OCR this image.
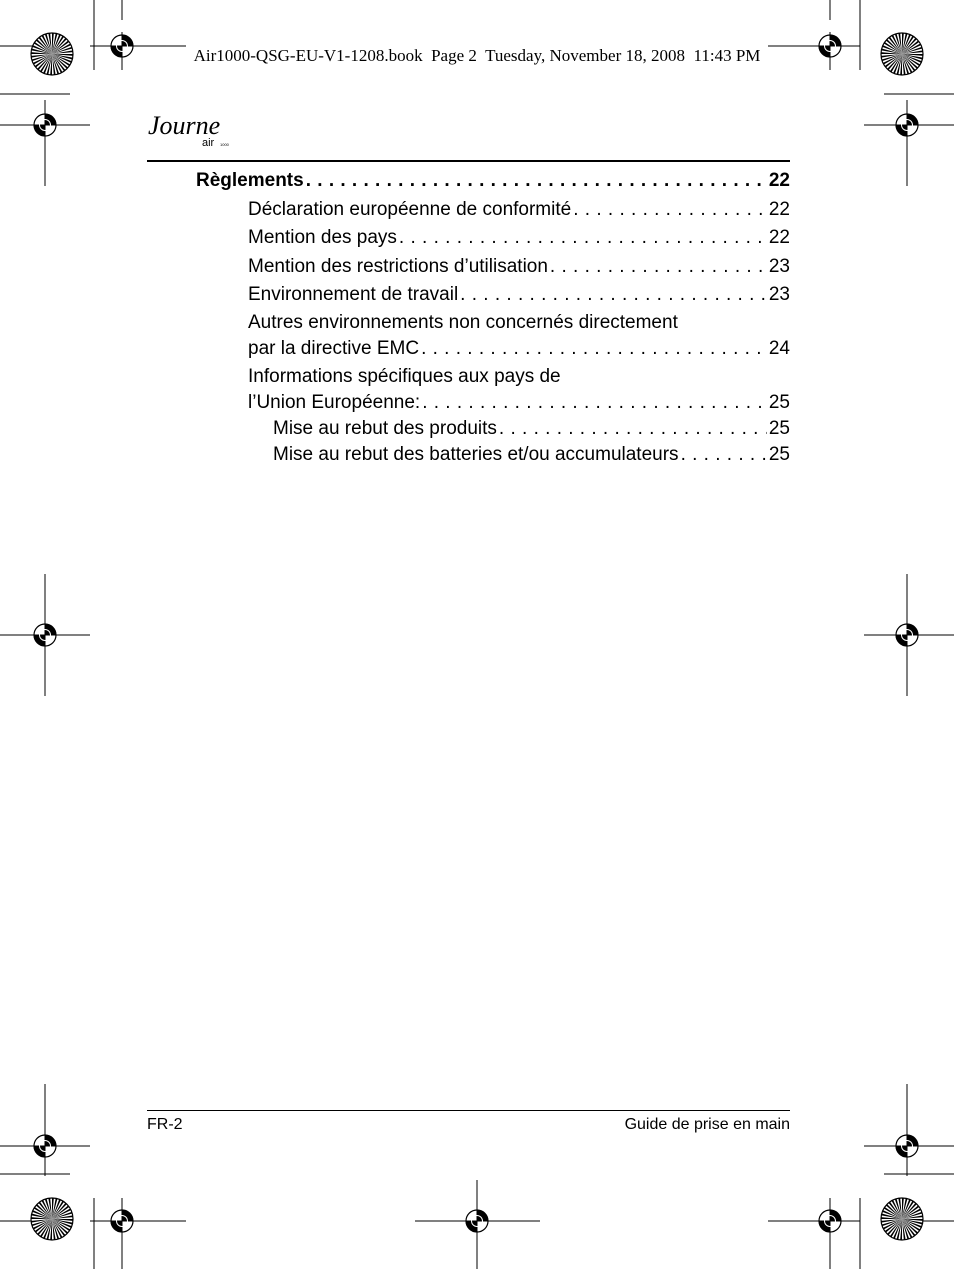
Air1000-QSG-EU-V1-1208.book  Page 2  Tuesday, November 18, 2008  11:43 PM
Journe
air 1000
Règlements . . .	22
Déclaration européenne de conformité . . .	22
Mention des pays . . .	22
Mention des restrictions d’utilisation . . .	23
Environnement de travail . . .	23
Autres environnements non concernés directement
par la directive EMC . . .	24
Informations spécifiques aux pays de
l’Union Européenne: . . .	25
Mise au rebut des produits . . .	25
Mise au rebut des batteries et/ou accumulateurs . . .	25
FR-2	Guide de prise en main
